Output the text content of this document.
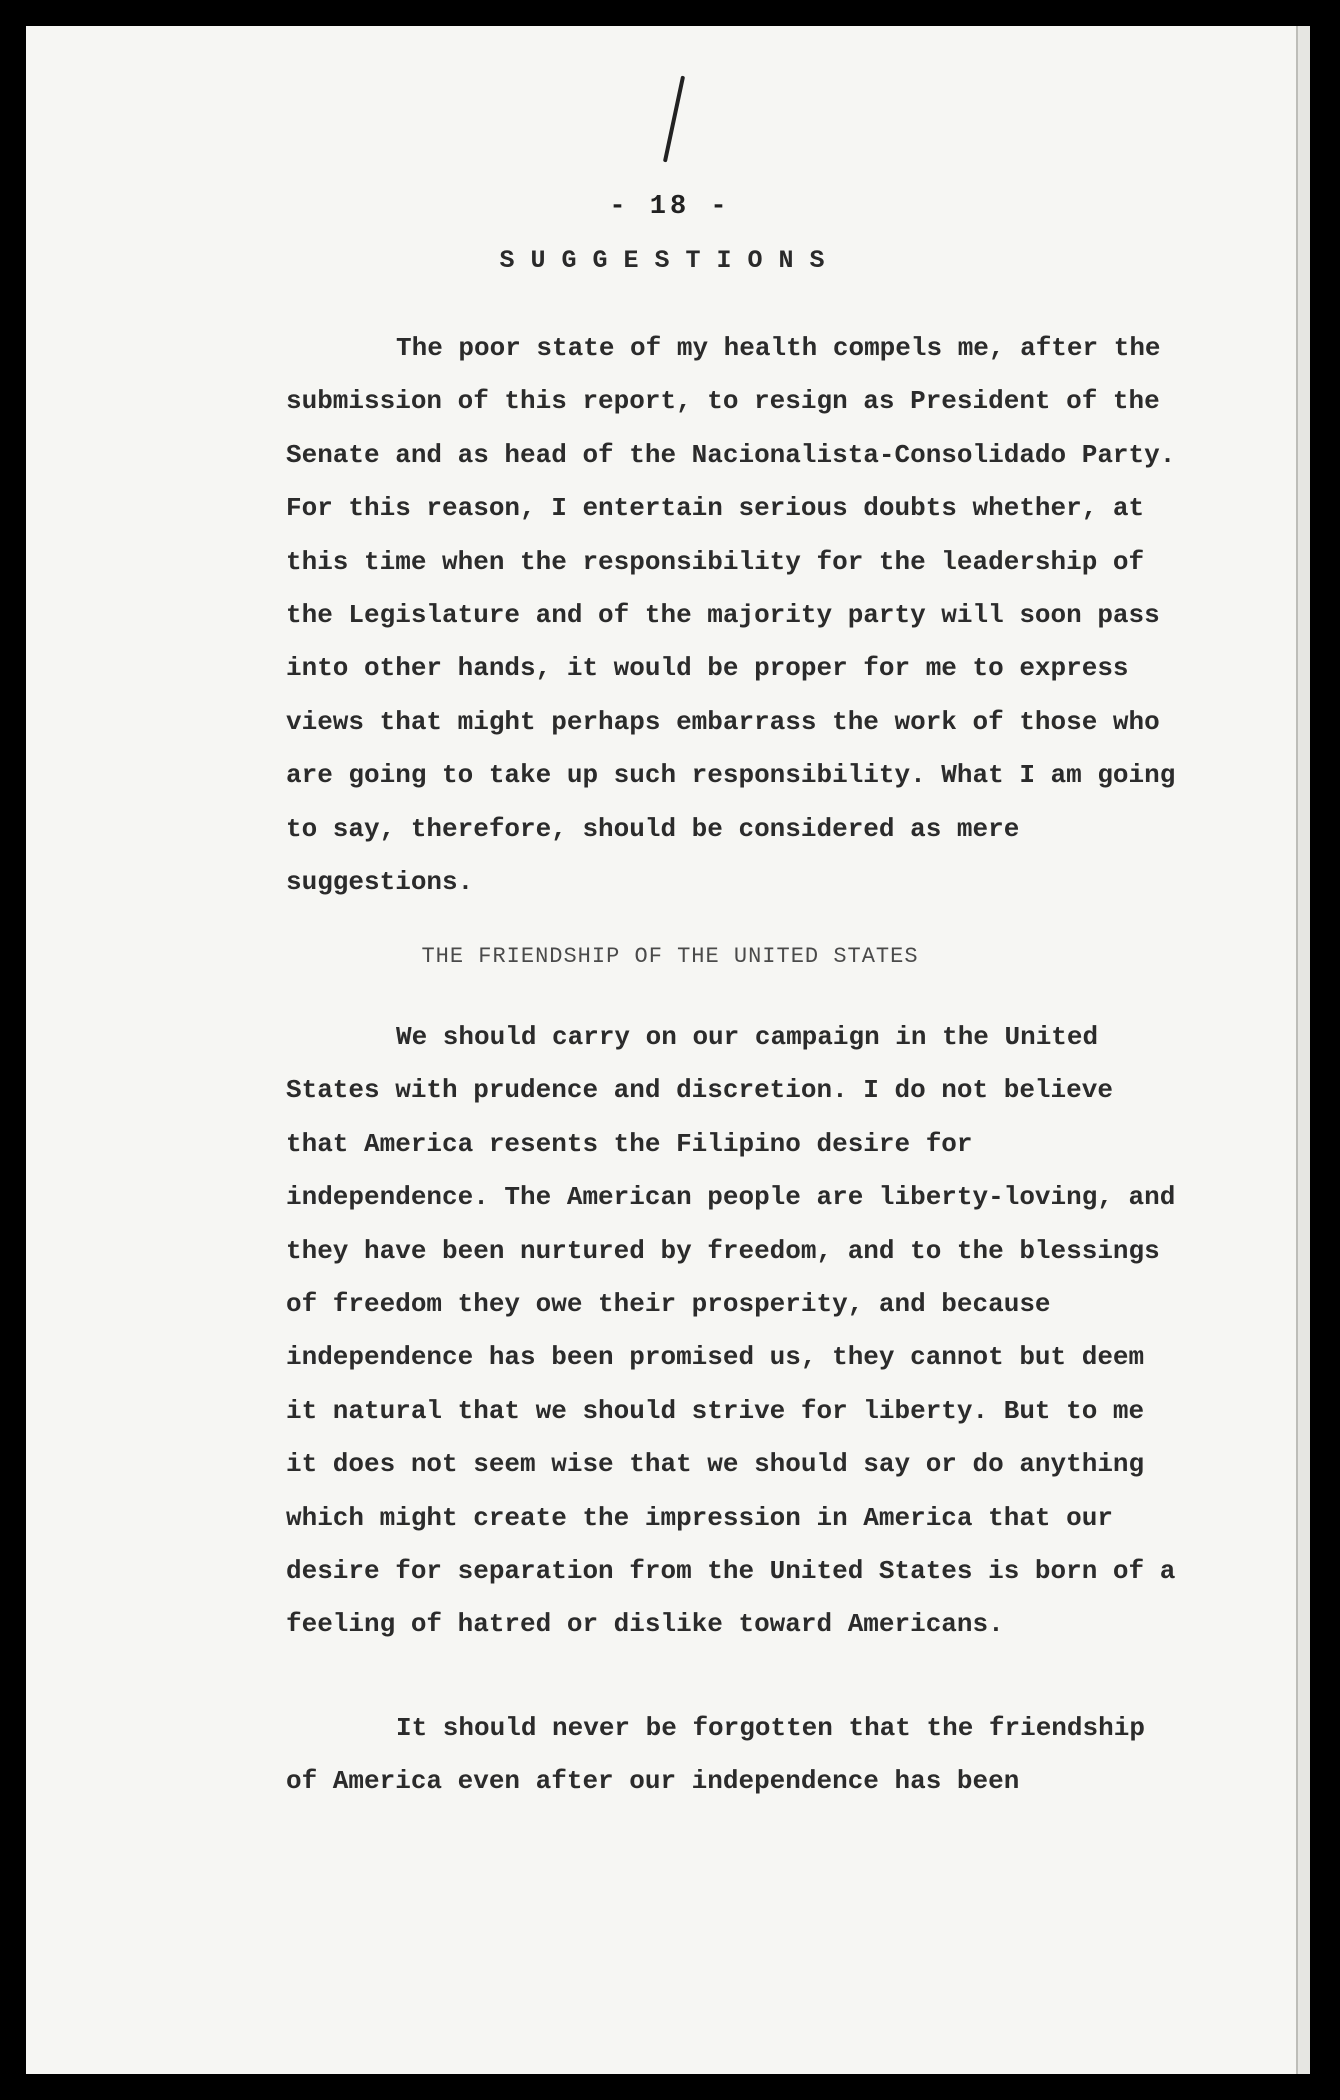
- 18 -
SUGGESTIONS

The poor state of my health compels me, after the submission of this report, to resign as President of the Senate and as head of the Nacionalista-Consolidado Party. For this reason, I entertain serious doubts whether, at this time when the responsibility for the leadership of the Legislature and of the majority party will soon pass into other hands, it would be proper for me to express views that might perhaps embarrass the work of those who are going to take up such responsibility. What I am going to say, therefore, should be considered as mere suggestions.

THE FRIENDSHIP OF THE UNITED STATES

We should carry on our campaign in the United States with prudence and discretion. I do not believe that America resents the Filipino desire for independence. The American people are liberty-loving, and they have been nurtured by freedom, and to the blessings of freedom they owe their prosperity, and because independence has been promised us, they cannot but deem it natural that we should strive for liberty. But to me it does not seem wise that we should say or do anything which might create the impression in America that our desire for separation from the United States is born of a feeling of hatred or dislike toward Americans.

It should never be forgotten that the friendship of America even after our independence has been
